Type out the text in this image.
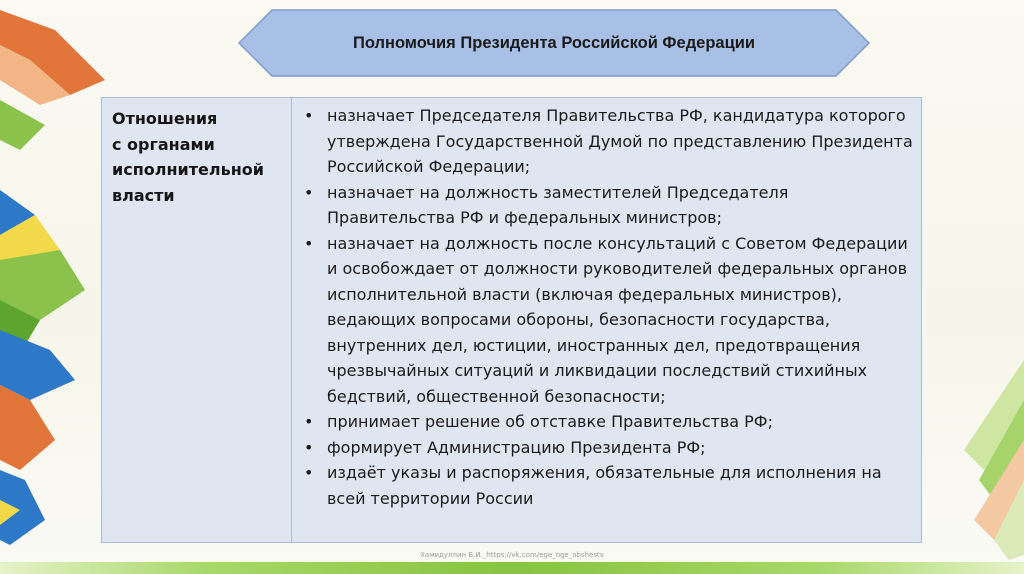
Полномочия Президента Российской Федерации
Отношения
с органами
исполнительной
власти
• назначает Председателя Правительства РФ, кандидатура которого утверждена Государственной Думой по представлению Президента Российской Федерации;
• назначает на должность заместителей Председателя Правительства РФ и федеральных министров;
• назначает на должность после консультаций с Советом Федерации и освобождает от должности руководителей федеральных органов исполнительной власти (включая федеральных министров), ведающих вопросами обороны, безопасности государства, внутренних дел, юстиции, иностранных дел, предотвращения чрезвычайных ситуаций и ликвидации последствий стихийных бедствий, общественной безопасности;
• принимает решение об отставке Правительства РФ;
• формирует Администрацию Президента РФ;
• издаёт указы и распоряжения, обязательные для исполнения на всей территории России
Хамидуллин Б.И._https://vk.com/ege_oge_obshestv
